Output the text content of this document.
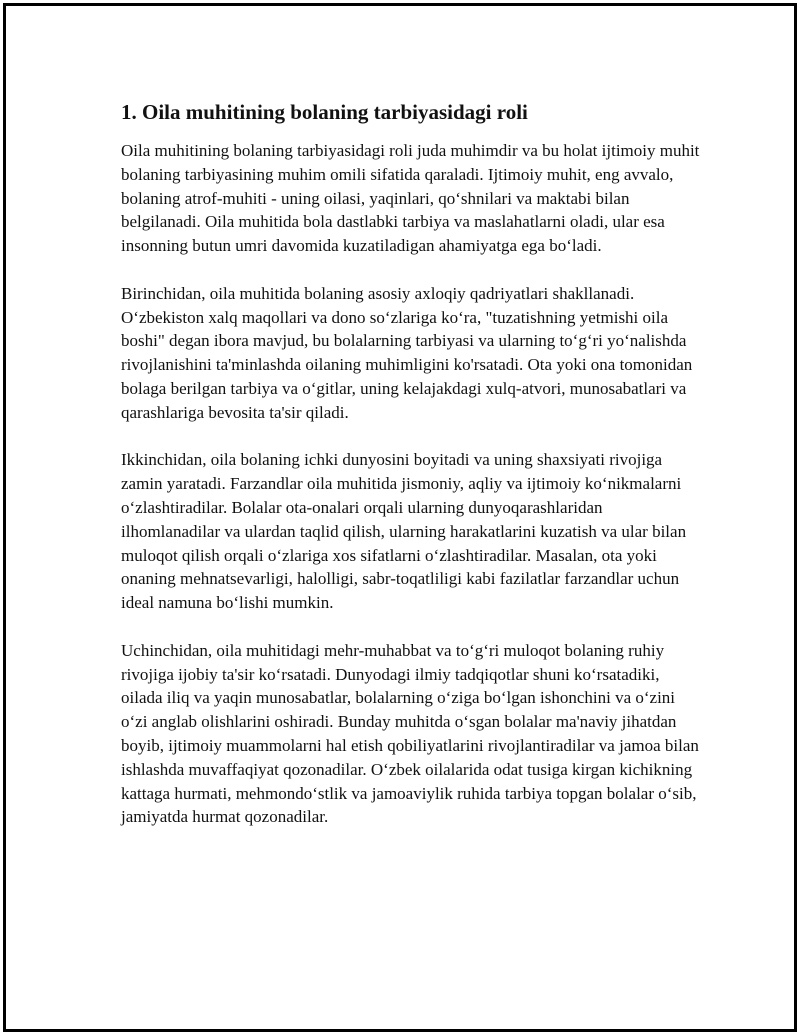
1. Oila muhitining bolaning tarbiyasidagi roli

Oila muhitining bolaning tarbiyasidagi roli juda muhimdir va bu holat ijtimoiy muhit bolaning tarbiyasining muhim omili sifatida qaraladi. Ijtimoiy muhit, eng avvalo, bolaning atrof-muhiti - uning oilasi, yaqinlari, qo‘shnilari va maktabi bilan belgilanadi. Oila muhitida bola dastlabki tarbiya va maslahatlarni oladi, ular esa insonning butun umri davomida kuzatiladigan ahamiyatga ega bo‘ladi.

Birinchidan, oila muhitida bolaning asosiy axloqiy qadriyatlari shakllanadi. O‘zbekiston xalq maqollari va dono so‘zlariga ko‘ra, "tuzatishning yetmishi oila boshi" degan ibora mavjud, bu bolalarning tarbiyasi va ularning to‘g‘ri yo‘nalishda rivojlanishini ta'minlashda oilaning muhimligini ko'rsatadi. Ota yoki ona tomonidan bolaga berilgan tarbiya va o‘gitlar, uning kelajakdagi xulq-atvori, munosabatlari va qarashlariga bevosita ta'sir qiladi.

Ikkinchidan, oila bolaning ichki dunyosini boyitadi va uning shaxsiyati rivojiga zamin yaratadi. Farzandlar oila muhitida jismoniy, aqliy va ijtimoiy ko‘nikmalarni o‘zlashtiradilar. Bolalar ota-onalari orqali ularning dunyoqarashlaridan ilhomlanadilar va ulardan taqlid qilish, ularning harakatlarini kuzatish va ular bilan muloqot qilish orqali o‘zlariga xos sifatlarni o‘zlashtiradilar. Masalan, ota yoki onaning mehnatsevarligi, halolligi, sabr-toqatliligi kabi fazilatlar farzandlar uchun ideal namuna bo‘lishi mumkin.

Uchinchidan, oila muhitidagi mehr-muhabbat va to‘g‘ri muloqot bolaning ruhiy rivojiga ijobiy ta'sir ko‘rsatadi. Dunyodagi ilmiy tadqiqotlar shuni ko‘rsatadiki, oilada iliq va yaqin munosabatlar, bolalarning o‘ziga bo‘lgan ishonchini va o‘zini o‘zi anglab olishlarini oshiradi. Bunday muhitda o‘sgan bolalar ma'naviy jihatdan boyib, ijtimoiy muammolarni hal etish qobiliyatlarini rivojlantiradilar va jamoa bilan ishlashda muvaffaqiyat qozonadilar. O‘zbek oilalarida odat tusiga kirgan kichikning kattaga hurmati, mehmondo‘stlik va jamoaviylik ruhida tarbiya topgan bolalar o‘sib, jamiyatda hurmat qozonadilar.
